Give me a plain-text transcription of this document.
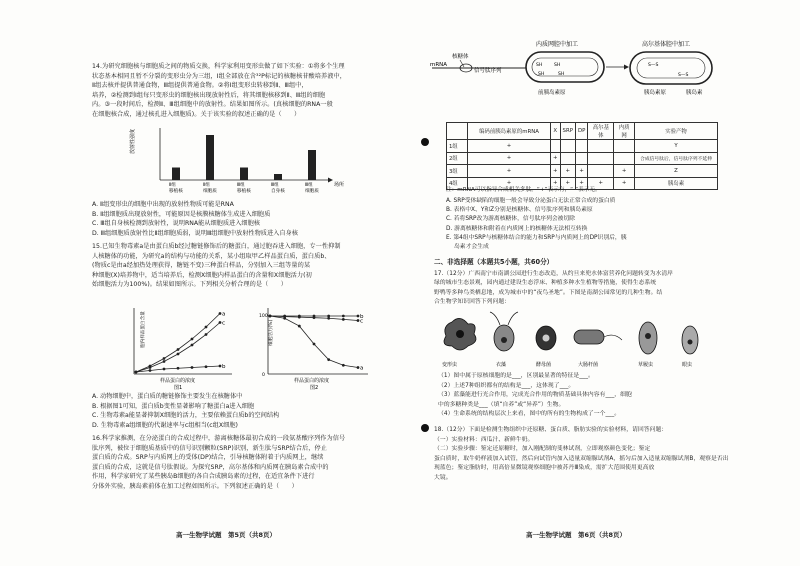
14.为研究细胞核与细胞质之间的物质交换，科学家利用变形虫做了如下实验：①将多个生理
状态基本相同且暂不分裂的变形虫分为三组，Ⅰ组全部放在含³²P标记的核糖核苷酸培养液中，
Ⅱ组去核并提供普通食物，Ⅲ组提供普通食物。②将Ⅰ组变形虫转移到Ⅱ、Ⅲ组中，
培养，②检测到Ⅰ组每只变形虫的细胞核出现放射性后，将其细胞核移到Ⅱ、Ⅲ组的细胞
内。③一段时间后，检测Ⅱ、Ⅲ组细胞中的放射性。结果如图所示。(真核细胞的RNA一般
在细胞核合成，通过核孔进入细胞质)。关于该实验的叙述正确的是（　　）
放射性强度
场所
Ⅱ组
移植核
Ⅱ组
细胞质
Ⅲ组
移植核
Ⅲ组
自身核
Ⅲ组
细胞质
A. Ⅱ组变形虫的细胞中出现的放射性物质可能是RNA
B. Ⅱ组细胞质出现放射性，可能原因是核膜核糖体生成进入细胞质
C. Ⅲ组自身核检测到放射性，说明RNA能从细胞质进入细胞核
D. Ⅲ组细胞质放射性比Ⅱ组细胞质弱，说明Ⅲ组细胞中放射性物质进入自身核
15.已知生物毒素a是由蛋白质b经过糖链修饰后的糖蛋白，通过胞吞进入细胞，专一性抑制
人核糖体的功能，为研究a的结构与功能的关系，某小组取甲乙样品蛋白质，蛋白质b、
(物质c是由a经加热处理获得，糖链不变)三种蛋白样品，分别加入三组等量的某
种细胞(X)培养物中，适当培养后，检测X细胞内样品蛋白的含量和X细胞活力(初
始细胞活力为100%)。结果如图所示。下列相关分析合理的是（　　）
胞内样品蛋白含量
样品蛋白的浓度
图1
a
c
b
细胞活力(%)
100
0
样品蛋白的浓度
图2
b
c
a
A. 动物细胞中，蛋白质的糖链修饰主要发生在核糖体中
B. 根据图1可知，蛋白质b变性显著影响了糖蛋白a进入细胞
C. 生物毒素a能显著抑制X细胞的活力，主要依赖蛋白质b的空间结构
D. 生物毒素a组细胞的代谢速率与c组相当(c组X细胞)
16.科学家推测，在分泌蛋白的合成过程中，游离核糖体最初合成的一段氨基酸序列作为信号
肽序列，被位于细胞质基质中的信号识别颗粒(SRP)识别，新生肽与SRP结合后，停止
蛋白质的合成。SRP与内质网上的受体(DP)结合，引导核糖体附着于内质网上，继续
蛋白质的合成，这就是信号肽假说。为探究SRP，高尔基体和内质网在胰岛素合成中的
作用，科学家研究了某些胰岛B细胞的各自合成胰岛素的过程，在适宜条件下进行
分体外实验，胰岛素前体在加工过程如图所示。下列叙述正确的是（　　）
高一生物学试题　第5页（共8页）
mRNA
核糖体
信号肽序列
内质网腔中加工
SH	SH
SH	SH
前胰岛素原
高尔基体腔中加工
S—S
S—S
胰岛素原	胰岛素
	编码前胰岛素原的mRNA	X	SRP	DP	高尔基体	内质网	实验产物
1组	+						Y
2组	+	+					合成信号肽后，信号肽序列不延伸
3组	+	+	+	+		+	Z
4组	+	+	+	+	+	+	胰岛素
注：mRNA可以指导合成相关多肽。“+”表示有，“-”表示无。
A. SRP受体缺陷的细胞一般会导致分泌蛋白无法正常合成的蛋白质
B. 表格中X、Y和Z分别是核糖体、信号肽序列和胰岛素原
C. 若将SRP改为游离核糖体，信号肽序列会被切除
D. 游离核糖体和附着在内质网上的核糖体无法相互转换
E. 第4组中SRP与核糖体结合的能力和SRP与内质网上的DP识别后，胰
岛素才会生成
二、非选择题（本题共5小题，共60分）
17.（12分）广西南宁市南湖公园进行生态改造，从约旦来兜水体富营养化问题转变为水清岸
绿的城市生态景观，园内通过建设生态浮床、种植多种水生植物等措施，使得生态系统
野鸭等多种鸟类栖息地，成为城市中的“夜鸟圣地”。下图是南湖公园常见的几种生物。结
合生物学知识回答下列问题：
变形虫	衣藻	酵母菌	大肠杆菌	草履虫	眼虫
（1）图中属于原核细胞的是___，区别最显著的特征是___。
（2）上述7种组织都有的结构是___，这体现了___。
（3）蓝藻能进行光合作用，完成光合作用的物质基础具体内容有___，细胞
中的多糖种类是___（填“自养”或“异养”）生物。
（4）生命系统的结构层次上来看，图中的所有的生物构成了一个___。
18.（12分）下面是检测生物组织中还原糖、蛋白质、脂肪实验的实验材料，请回答问题：
（一）实验材料：西瓜汁、新鲜牛奶。
（二）实验步骤：鉴定还原糖时，加入刚配制的斐林试剂，立即观察颜色变化；鉴定
蛋白质时，取牛奶样液加入试管，然后向试管内加入适量双缩脲试剂A，摇匀后加入适量双缩脲试剂B，观察是否出
现蓝色；鉴定脂肪时，用高倍显微镜观察细胞中被苏丹Ⅲ染成，需扩大范围使用更高放
大镜。
高一生物学试题　第6页（共8页）
